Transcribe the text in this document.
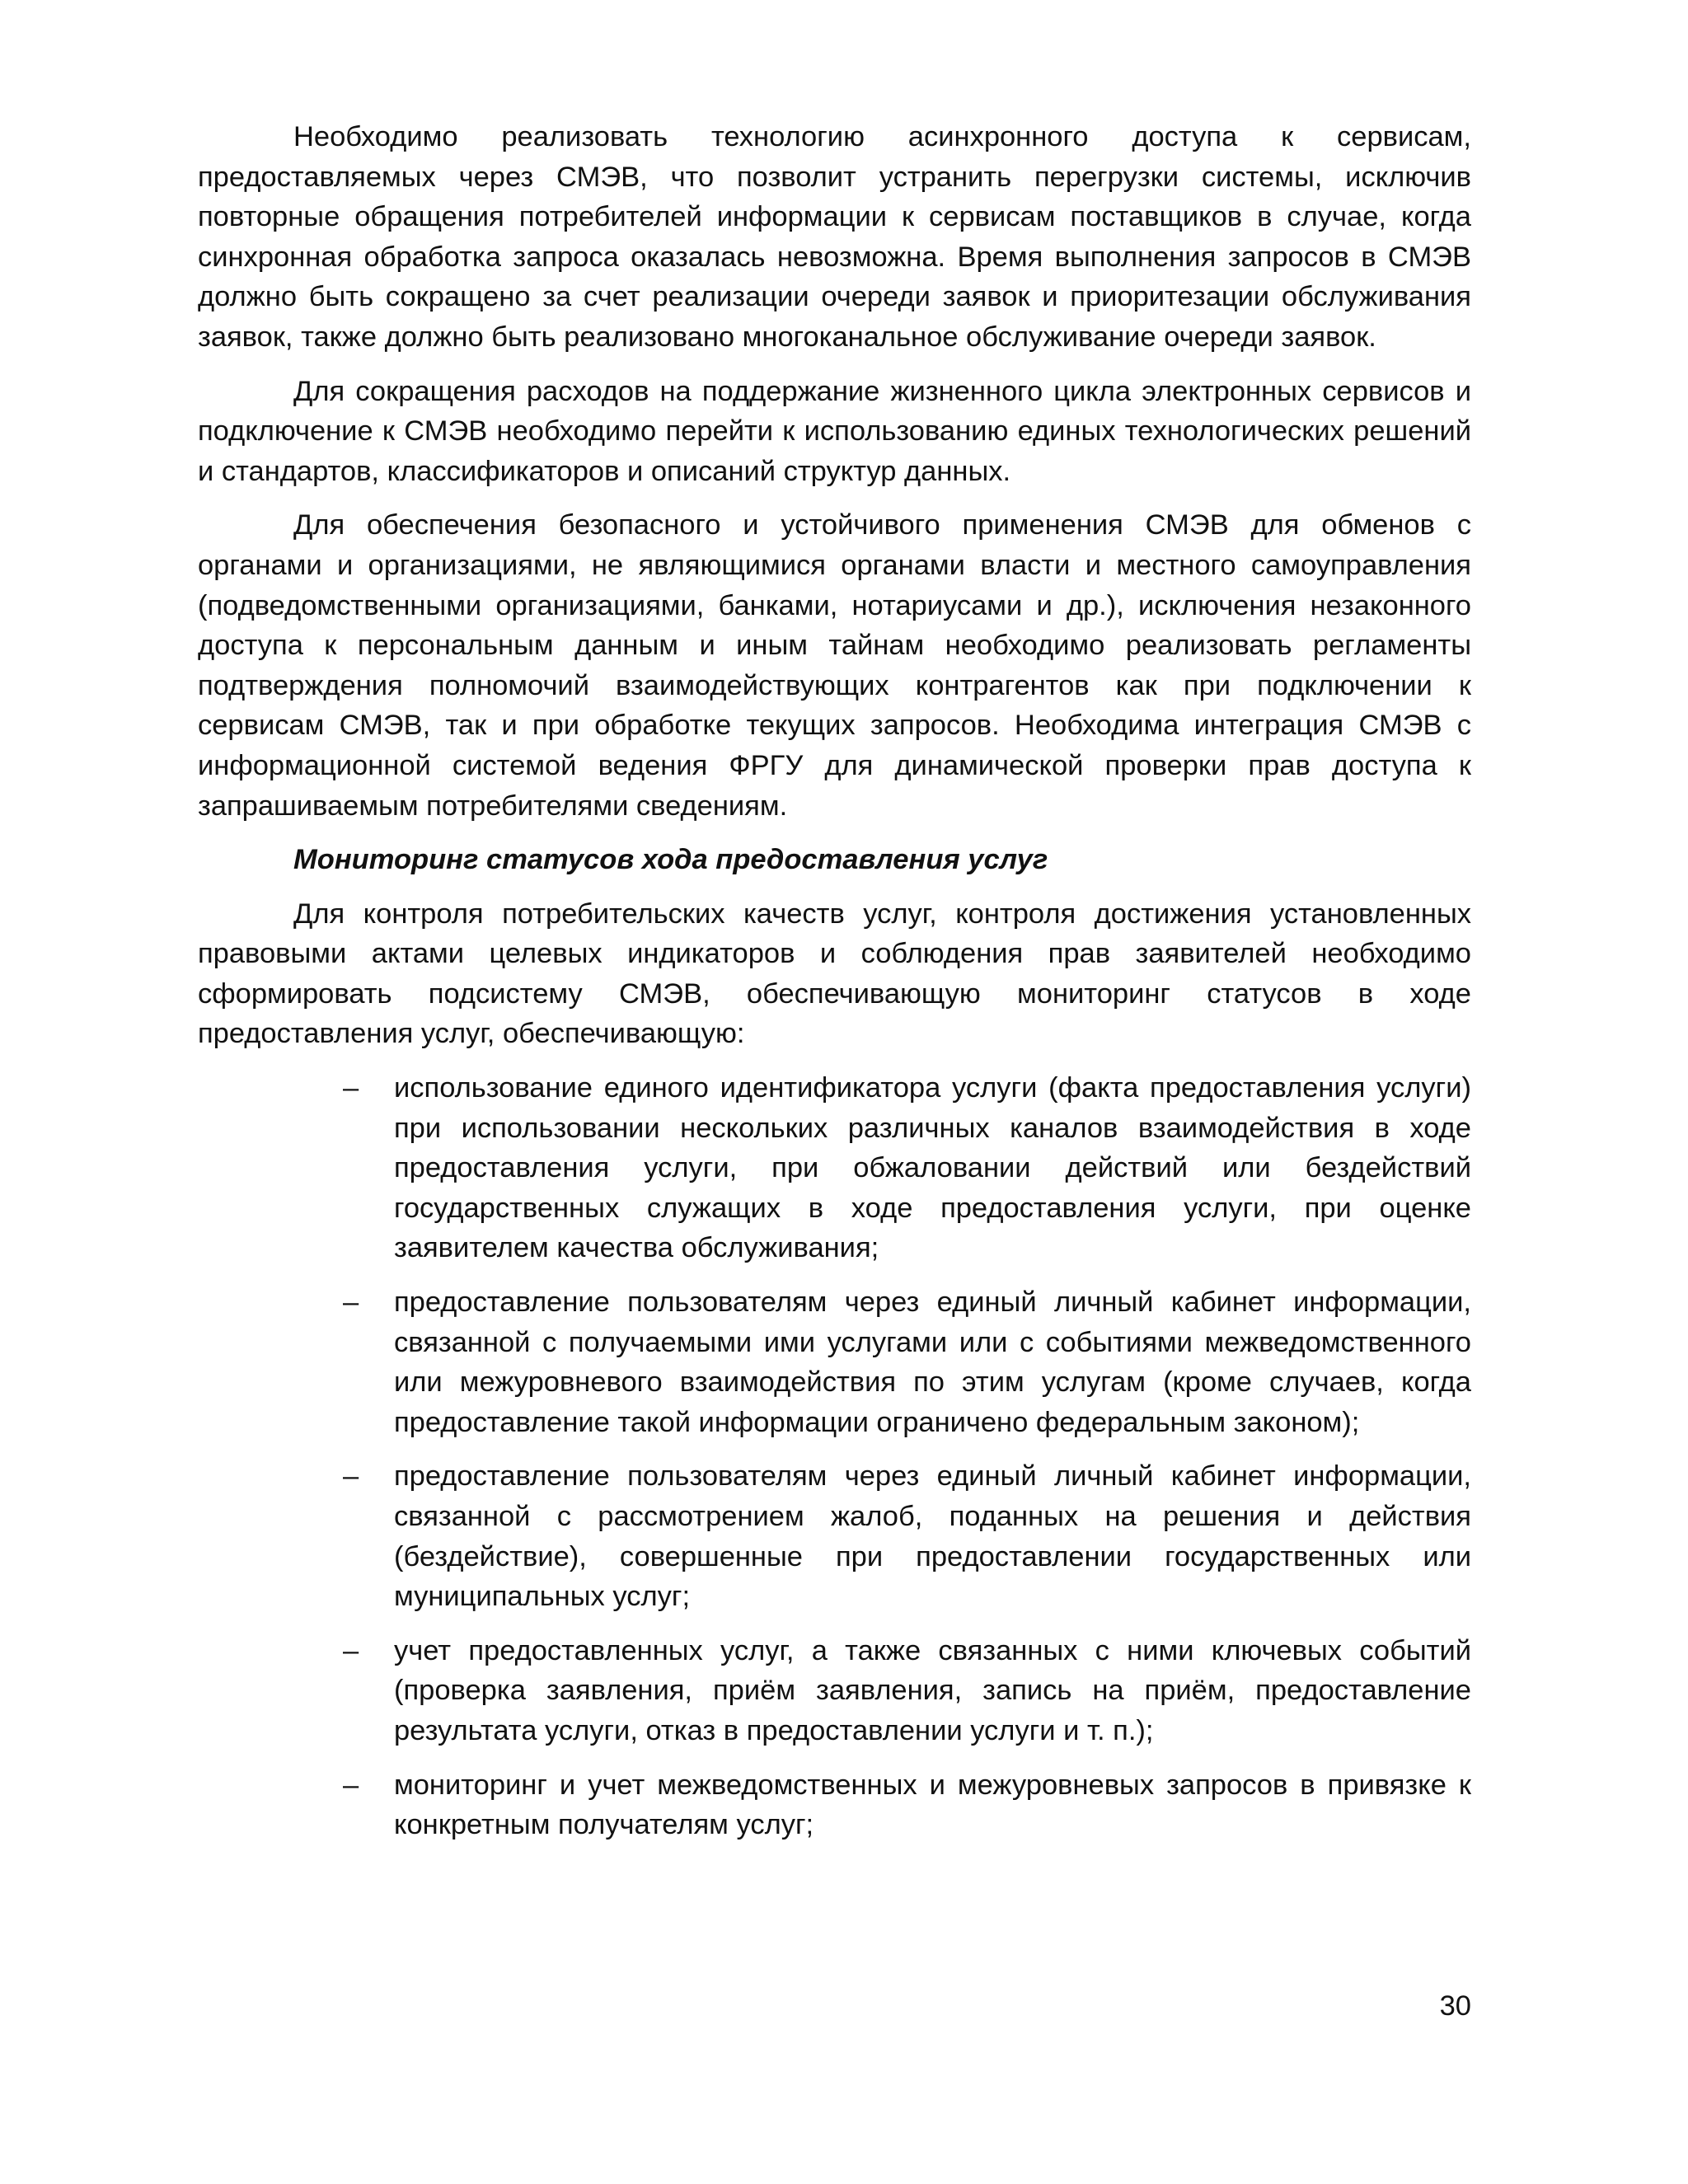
Необходимо реализовать технологию асинхронного доступа к сервисам, предоставляемых через СМЭВ, что позволит устранить перегрузки системы, исключив повторные обращения потребителей информации к сервисам поставщиков в случае, когда синхронная обработка запроса оказалась невозможна. Время выполнения запросов в СМЭВ должно быть сокращено за счет реализации очереди заявок и приоритезации обслуживания заявок, также должно быть реализовано многоканальное обслуживание очереди заявок.

Для сокращения расходов на поддержание жизненного цикла электронных сервисов и подключение к СМЭВ необходимо перейти к использованию единых технологических решений и стандартов, классификаторов и описаний структур данных.

Для обеспечения безопасного и устойчивого применения СМЭВ для обменов с органами и организациями, не являющимися органами власти и местного самоуправления (подведомственными организациями, банками, нотариусами и др.), исключения незаконного доступа к персональным данным и иным тайнам необходимо реализовать регламенты подтверждения полномочий взаимодействующих контрагентов как при подключении к сервисам СМЭВ, так и при обработке текущих запросов. Необходима интеграция СМЭВ с информационной системой ведения ФРГУ для динамической проверки прав доступа к запрашиваемым потребителями сведениям.

Мониторинг статусов хода предоставления услуг

Для контроля потребительских качеств услуг, контроля достижения установленных правовыми актами целевых индикаторов и соблюдения прав заявителей необходимо сформировать подсистему СМЭВ, обеспечивающую мониторинг статусов в ходе предоставления услуг, обеспечивающую:

–	использование единого идентификатора услуги (факта предоставления услуги) при использовании нескольких различных каналов взаимодействия в ходе предоставления услуги, при обжаловании действий или бездействий государственных служащих в ходе предоставления услуги, при оценке заявителем качества обслуживания;
–	предоставление пользователям через единый личный кабинет информации, связанной с получаемыми ими услугами или с событиями межведомственного или межуровневого взаимодействия по этим услугам (кроме случаев, когда предоставление такой информации ограничено федеральным законом);
–	предоставление пользователям через единый личный кабинет информации, связанной с рассмотрением жалоб, поданных на решения и действия (бездействие), совершенные при предоставлении государственных или муниципальных услуг;
–	учет предоставленных услуг, а также связанных с ними ключевых событий (проверка заявления, приём заявления, запись на приём, предоставление результата услуги, отказ в предоставлении услуги и т. п.);
–	мониторинг и учет межведомственных и межуровневых запросов в привязке к конкретным получателям услуг;
30
